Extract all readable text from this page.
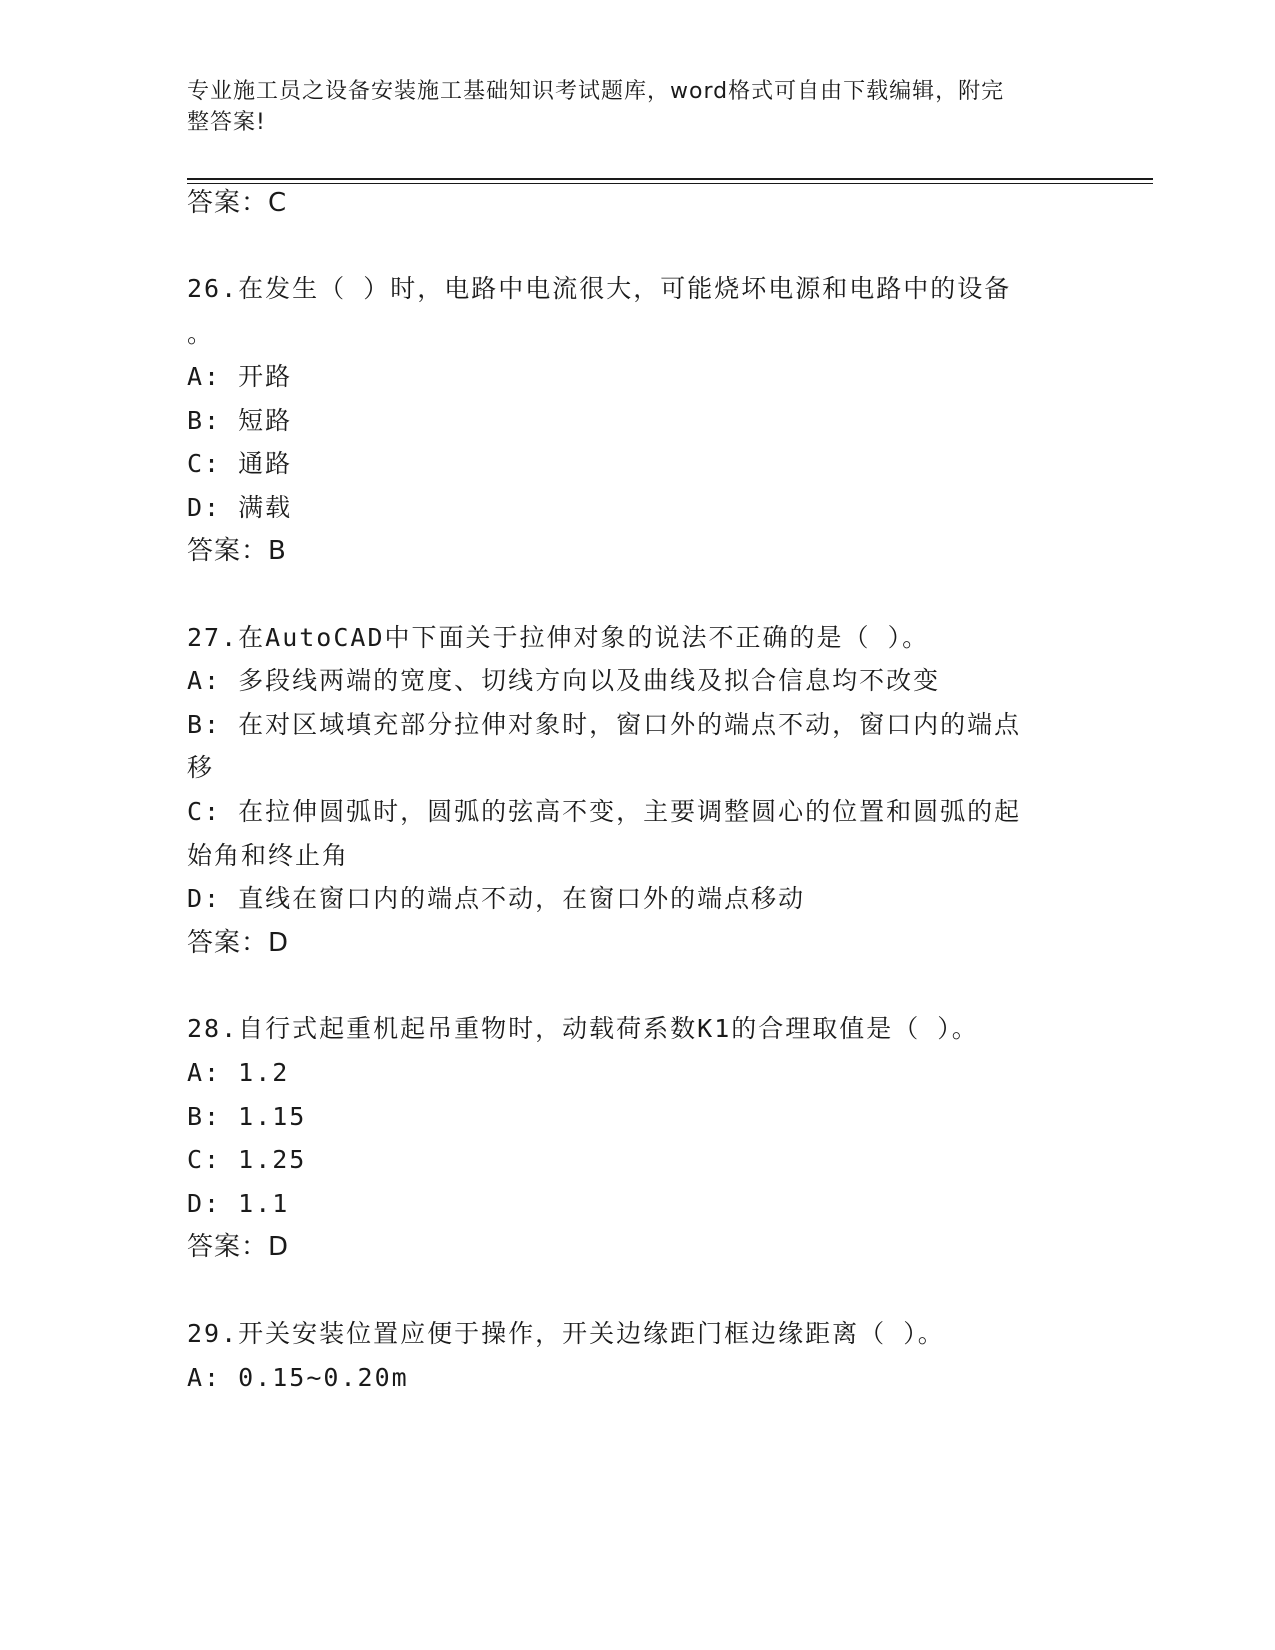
专业施工员之设备安装施工基础知识考试题库，word格式可自由下载编辑，附完
整答案!
答案：C
26.在发生（ ）时，电路中电流很大，可能烧坏电源和电路中的设备
。
A: 开路
B: 短路
C: 通路
D: 满载
答案：B
27.在AutoCAD中下面关于拉伸对象的说法不正确的是（ ）。
A: 多段线两端的宽度、切线方向以及曲线及拟合信息均不改变
B: 在对区域填充部分拉伸对象时，窗口外的端点不动，窗口内的端点
移
C: 在拉伸圆弧时，圆弧的弦高不变，主要调整圆心的位置和圆弧的起
始角和终止角
D: 直线在窗口内的端点不动，在窗口外的端点移动
答案：D
28.自行式起重机起吊重物时，动载荷系数K1的合理取值是（ ）。
A: 1.2
B: 1.15
C: 1.25
D: 1.1
答案：D
29.开关安装位置应便于操作，开关边缘距门框边缘距离（ ）。
A: 0.15~0.20m
